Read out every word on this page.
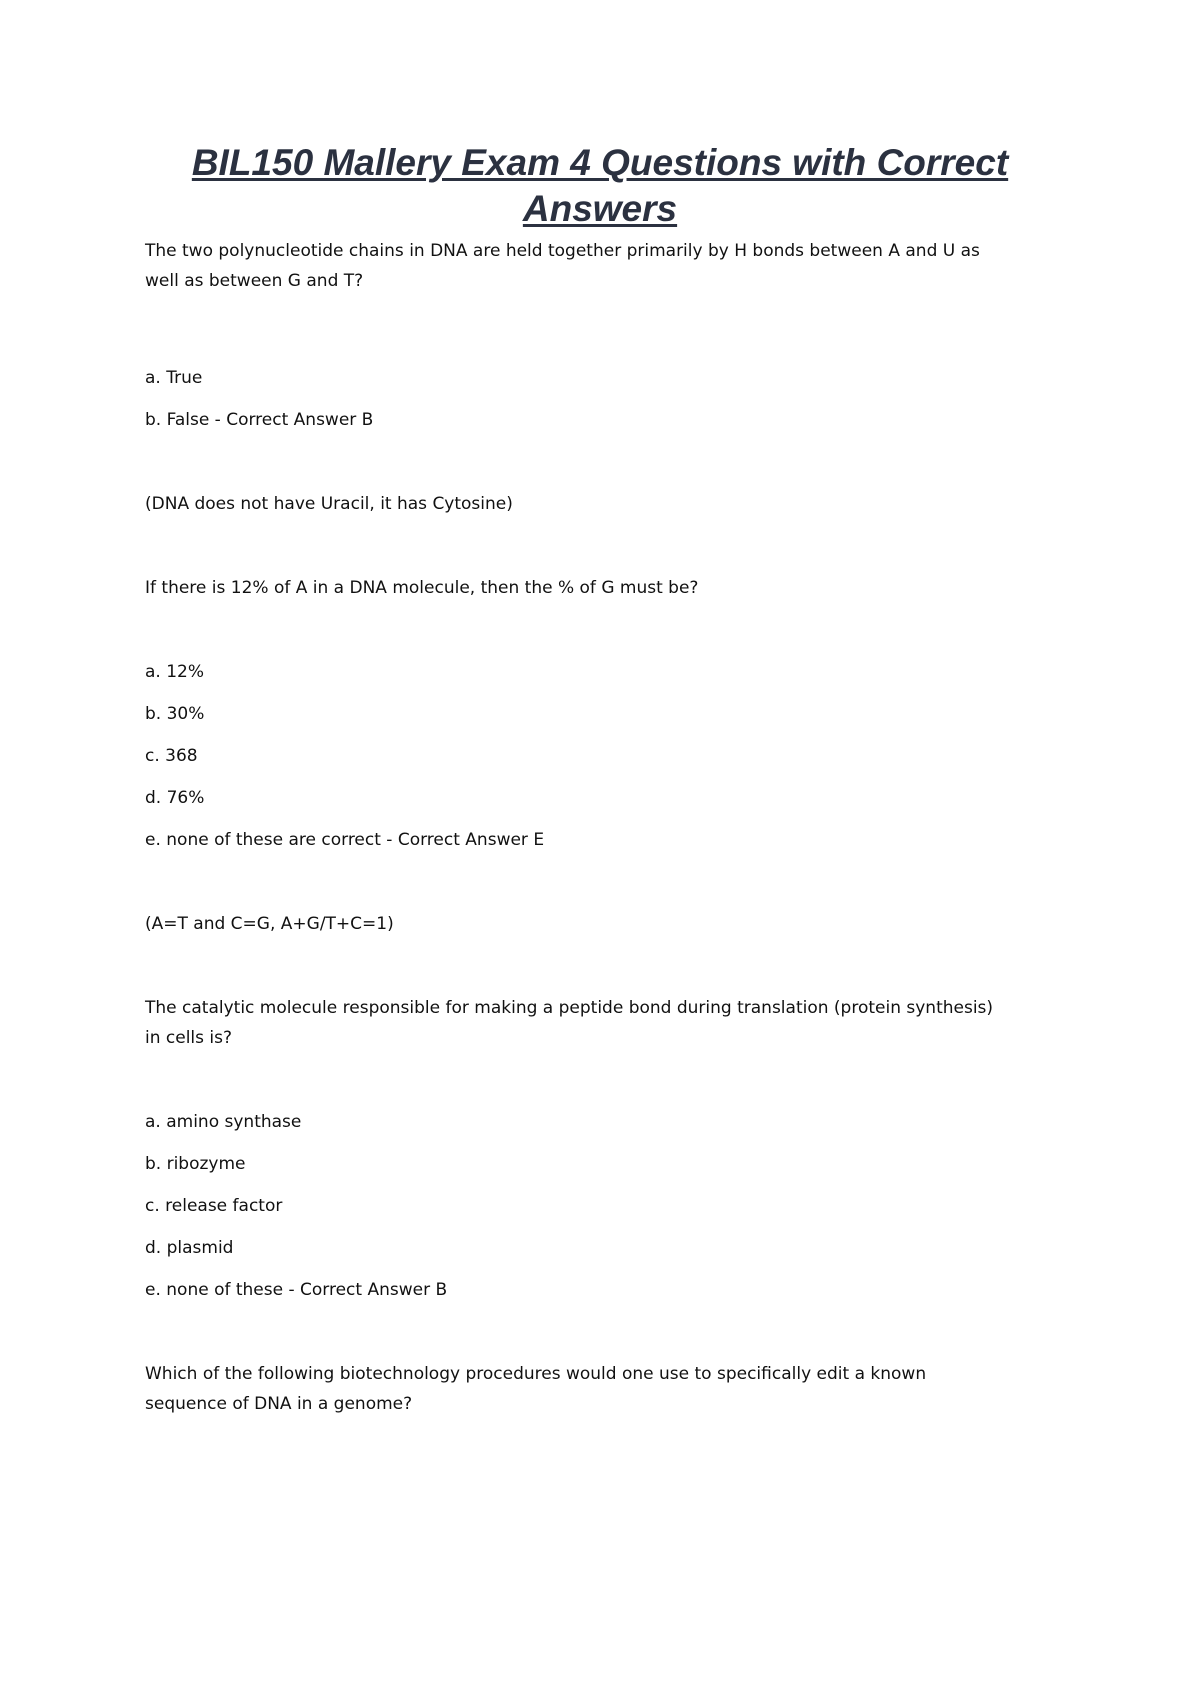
BIL150 Mallery Exam 4 Questions with Correct Answers

The two polynucleotide chains in DNA are held together primarily by H bonds between A and U as

well as between G and T?

a. True

b. False - Correct Answer B

(DNA does not have Uracil, it has Cytosine)

If there is 12% of A in a DNA molecule, then the % of G must be?

a. 12%

b. 30%

c. 368

d. 76%

e. none of these are correct - Correct Answer E

(A=T and C=G, A+G/T+C=1)

The catalytic molecule responsible for making a peptide bond during translation (protein synthesis)

in cells is?

a. amino synthase

b. ribozyme

c. release factor

d. plasmid

e. none of these - Correct Answer B

Which of the following biotechnology procedures would one use to specifically edit a known

sequence of DNA in a genome?
